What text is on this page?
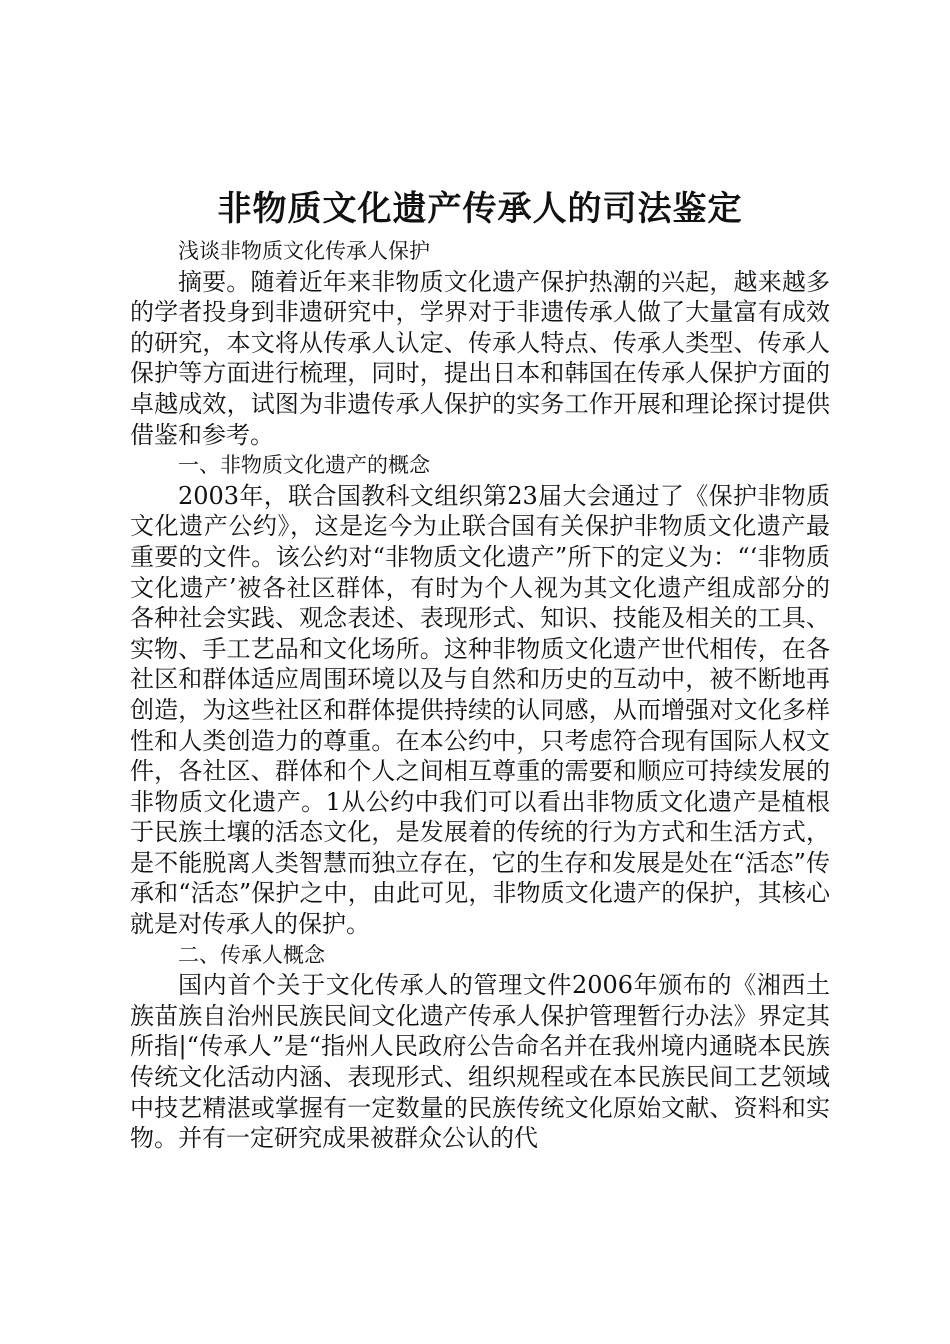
非物质文化遗产传承人的司法鉴定

浅谈非物质文化传承人保护

摘要。随着近年来非物质文化遗产保护热潮的兴起，越来越多的学者投身到非遗研究中，学界对于非遗传承人做了大量富有成效的研究，本文将从传承人认定、传承人特点、传承人类型、传承人保护等方面进行梳理，同时，提出日本和韩国在传承人保护方面的卓越成效，试图为非遗传承人保护的实务工作开展和理论探讨提供借鉴和参考。

一、非物质文化遗产的概念

2003年，联合国教科文组织第23届大会通过了《保护非物质文化遗产公约》，这是迄今为止联合国有关保护非物质文化遗产最重要的文件。该公约对“非物质文化遗产”所下的定义为：“‘非物质文化遗产’被各社区群体，有时为个人视为其文化遗产组成部分的各种社会实践、观念表述、表现形式、知识、技能及相关的工具、实物、手工艺品和文化场所。这种非物质文化遗产世代相传，在各社区和群体适应周围环境以及与自然和历史的互动中，被不断地再创造，为这些社区和群体提供持续的认同感，从而增强对文化多样性和人类创造力的尊重。在本公约中，只考虑符合现有国际人权文件，各社区、群体和个人之间相互尊重的需要和顺应可持续发展的非物质文化遗产。1从公约中我们可以看出非物质文化遗产是植根于民族土壤的活态文化，是发展着的传统的行为方式和生活方式，是不能脱离人类智慧而独立存在，它的生存和发展是处在“活态”传承和“活态”保护之中，由此可见，非物质文化遗产的保护，其核心就是对传承人的保护。

二、传承人概念

国内首个关于文化传承人的管理文件2006年颁布的《湘西土族苗族自治州民族民间文化遗产传承人保护管理暂行办法》界定其所指|“传承人”是“指州人民政府公告命名并在我州境内通晓本民族传统文化活动内涵、表现形式、组织规程或在本民族民间工艺领域中技艺精湛或掌握有一定数量的民族传统文化原始文献、资料和实物。并有一定研究成果被群众公认的代
